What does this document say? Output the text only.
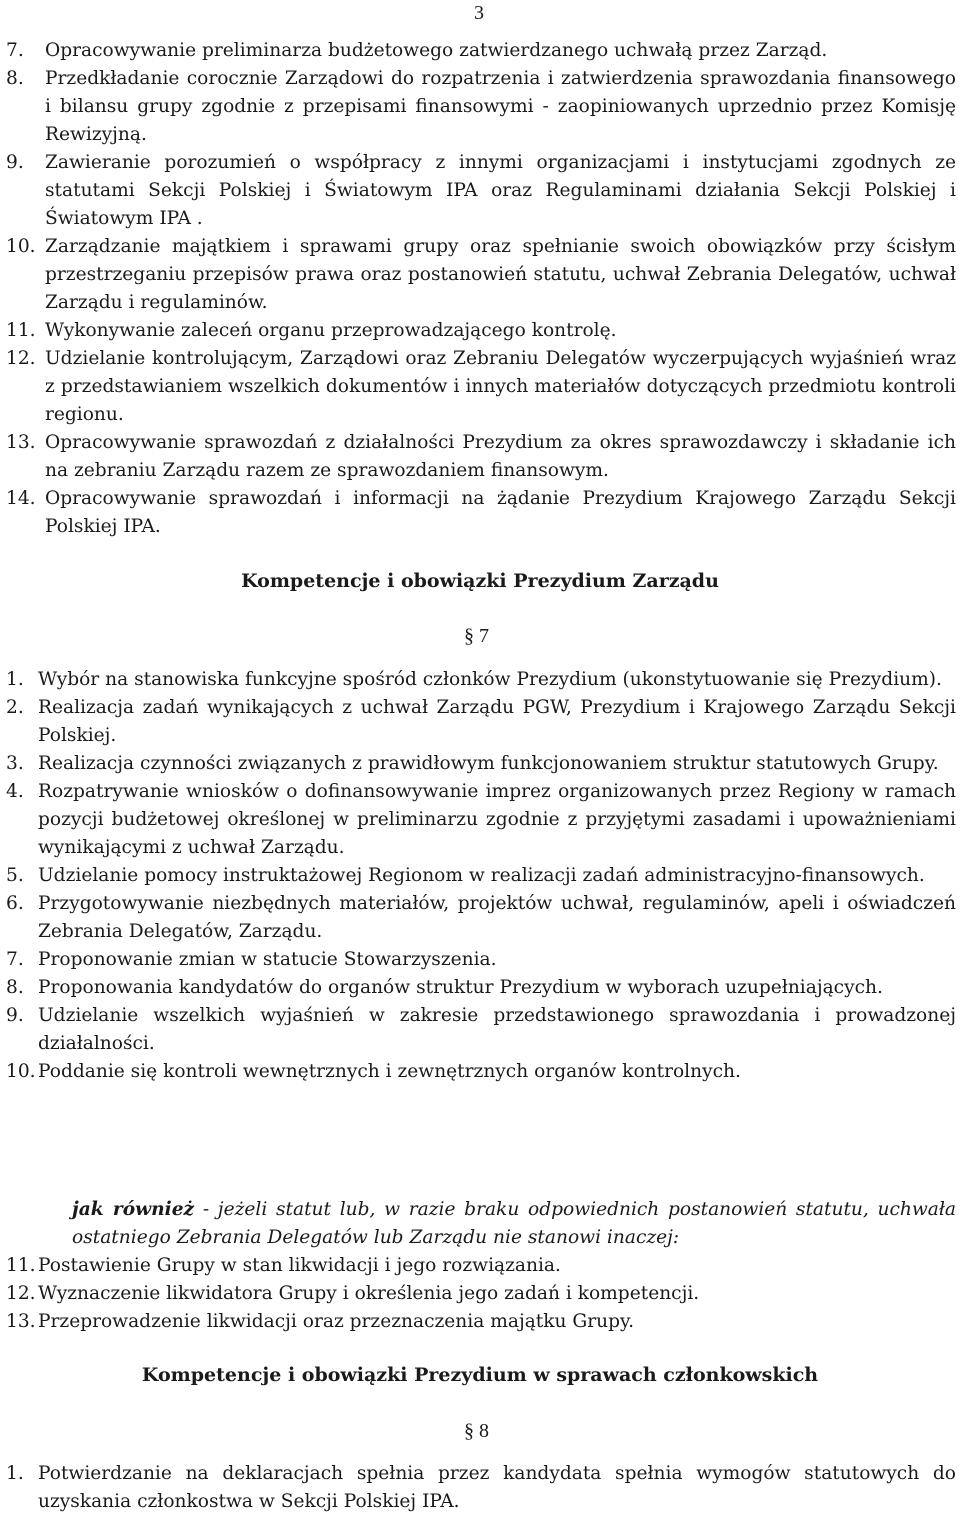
3
7. Opracowywanie preliminarza budżetowego zatwierdzanego uchwałą przez Zarząd.
8. Przedkładanie corocznie Zarządowi do rozpatrzenia i zatwierdzenia sprawozdania finansowego i bilansu grupy zgodnie z przepisami finansowymi - zaopiniowanych uprzednio przez Komisję Rewizyjną.
9. Zawieranie porozumień o współpracy z innymi organizacjami i instytucjami zgodnych ze statutami Sekcji Polskiej i Światowym IPA oraz Regulaminami działania Sekcji Polskiej i Światowym IPA .
10. Zarządzanie majątkiem i sprawami grupy oraz spełnianie swoich obowiązków przy ścisłym przestrzeganiu przepisów prawa oraz postanowień statutu, uchwał Zebrania Delegatów, uchwał Zarządu i regulaminów.
11. Wykonywanie zaleceń organu przeprowadzającego kontrolę.
12. Udzielanie kontrolującym, Zarządowi oraz Zebraniu Delegatów wyczerpujących wyjaśnień wraz z przedstawianiem wszelkich dokumentów i innych materiałów dotyczących przedmiotu kontroli regionu.
13. Opracowywanie sprawozdań z działalności Prezydium za okres sprawozdawczy i składanie ich na zebraniu Zarządu razem ze sprawozdaniem finansowym.
14. Opracowywanie sprawozdań i informacji na żądanie Prezydium Krajowego Zarządu Sekcji Polskiej IPA.
Kompetencje i obowiązki Prezydium Zarządu
§ 7
1. Wybór na stanowiska funkcyjne spośród członków Prezydium (ukonstytuowanie się Prezydium).
2. Realizacja zadań wynikających z uchwał Zarządu PGW, Prezydium i Krajowego Zarządu Sekcji Polskiej.
3. Realizacja czynności związanych z prawidłowym funkcjonowaniem struktur statutowych Grupy.
4. Rozpatrywanie wniosków o dofinansowywanie imprez organizowanych przez Regiony w ramach pozycji budżetowej określonej w preliminarzu zgodnie z przyjętymi zasadami i upoważnieniami wynikającymi z uchwał Zarządu.
5. Udzielanie pomocy instruktażowej Regionom w realizacji zadań administracyjno-finansowych.
6. Przygotowywanie niezbędnych materiałów, projektów uchwał, regulaminów, apeli i oświadczeń Zebrania Delegatów, Zarządu.
7. Proponowanie zmian w statucie Stowarzyszenia.
8. Proponowania kandydatów do organów struktur Prezydium w wyborach uzupełniających.
9. Udzielanie wszelkich wyjaśnień w zakresie przedstawionego sprawozdania i prowadzonej działalności.
10. Poddanie się kontroli wewnętrznych i zewnętrznych organów kontrolnych.
jak również - jeżeli statut lub, w razie braku odpowiednich postanowień statutu, uchwała ostatniego Zebrania Delegatów lub Zarządu nie stanowi inaczej:
11. Postawienie Grupy w stan likwidacji i jego rozwiązania.
12. Wyznaczenie likwidatora Grupy i określenia jego zadań i kompetencji.
13. Przeprowadzenie likwidacji oraz przeznaczenia majątku Grupy.
Kompetencje i obowiązki Prezydium w sprawach członkowskich
§ 8
1. Potwierdzanie na deklaracjach spełnia przez kandydata spełnia wymogów statutowych do uzyskania członkostwa w Sekcji Polskiej IPA.
